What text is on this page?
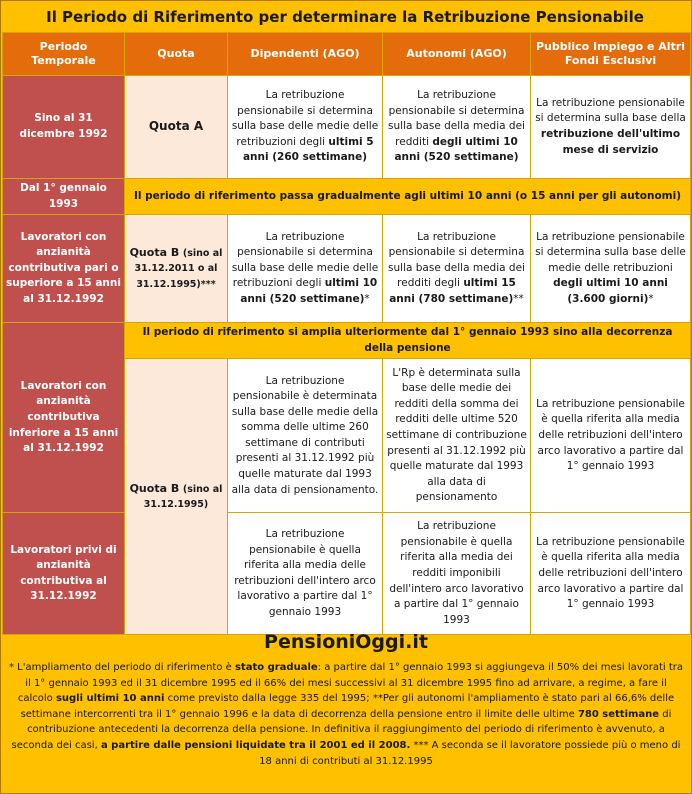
Il Periodo di Riferimento per determinare la Retribuzione Pensionabile
Periodo Temporale	Quota	Dipendenti (AGO)	Autonomi (AGO)	Pubblico Impiego e Altri Fondi Esclusivi
Sino al 31 dicembre 1992	Quota A	La retribuzione pensionabile si determina sulla base delle medie delle retribuzioni degli ultimi 5 anni (260 settimane)	La retribuzione pensionabile si determina sulla base della media dei redditi degli ultimi 10 anni (520 settimane)	La retribuzione pensionabile si determina sulla base della retribuzione dell'ultimo mese di servizio
Dal 1° gennaio 1993	Il periodo di riferimento passa gradualmente agli ultimi 10 anni (o 15 anni per gli autonomi)			
Lavoratori con anzianità contributiva pari o superiore a 15 anni al 31.12.1992	Quota B (sino al 31.12.2011 o al 31.12.1995)***	La retribuzione pensionabile si determina sulla base delle medie delle retribuzioni degli ultimi 10 anni (520 settimane)*	La retribuzione pensionabile si determina sulla base della media dei redditi degli ultimi 15 anni (780 settimane)**	La retribuzione pensionabile si determina sulla base delle medie delle retribuzioni degli ultimi 10 anni (3.600 giorni)*
Lavoratori con anzianità contributiva inferiore a 15 anni al 31.12.1992	Il periodo di riferimento si amplia ulteriormente dal 1° gennaio 1993 sino alla decorrenza della pensione			
	Quota B (sino al 31.12.1995)	La retribuzione pensionabile è determinata sulla base delle medie della somma delle ultime 260 settimane di contributi presenti al 31.12.1992 più quelle maturate dal 1993 alla data di pensionamento.	L'Rp è determinata sulla base delle medie dei redditi della somma dei redditi delle ultime 520 settimane di contribuzione presenti al 31.12.1992 più quelle maturate dal 1993 alla data di pensionamento	La retribuzione pensionabile è quella riferita alla media delle retribuzioni dell'intero arco lavorativo a partire dal 1° gennaio 1993
Lavoratori privi di anzianità contributiva al 31.12.1992		La retribuzione pensionabile è quella riferita alla media delle retribuzioni dell'intero arco lavorativo a partire dal 1° gennaio 1993	La retribuzione pensionabile è quella riferita alla media dei redditi imponibili dell'intero arco lavorativo a partire dal 1° gennaio 1993	La retribuzione pensionabile è quella riferita alla media delle retribuzioni dell'intero arco lavorativo a partire dal 1° gennaio 1993
PensioniOggi.it
* L'ampliamento del periodo di riferimento è stato graduale: a partire dal 1° gennaio 1993 si aggiungeva il 50% dei mesi lavorati tra il 1° gennaio 1993 ed il 31 dicembre 1995 ed il 66% dei mesi successivi al 31 dicembre 1995 fino ad arrivare, a regime, a fare il calcolo sugli ultimi 10 anni come previsto dalla legge 335 del 1995; **Per gli autonomi l'ampliamento è stato pari al 66,6% delle settimane intercorrenti tra il 1° gennaio 1996 e la data di decorrenza della pensione entro il limite delle ultime 780 settimane di contribuzione antecedenti la decorrenza della pensione. In definitiva il raggiungimento del periodo di riferimento è avvenuto, a seconda dei casi, a partire dalle pensioni liquidate tra il 2001 ed il 2008. *** A seconda se il lavoratore possiede più o meno di 18 anni di contributi al 31.12.1995
